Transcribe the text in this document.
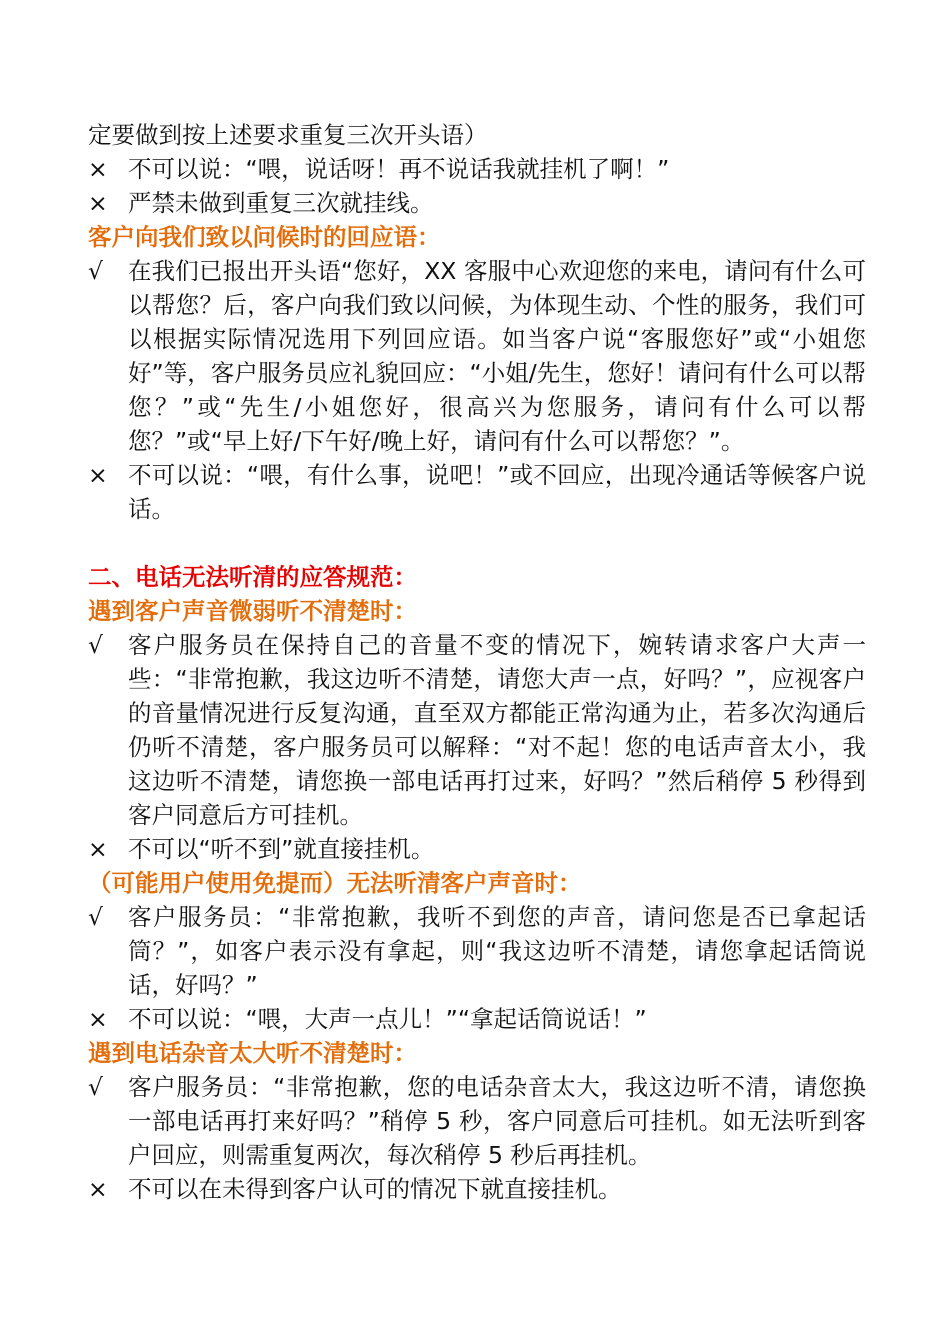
定要做到按上述要求重复三次开头语）

× 不可以说：“喂，说话呀！再不说话我就挂机了啊！”
× 严禁未做到重复三次就挂线。

客户向我们致以问候时的回应语：

√	在我们已报出开头语“您好，XX 客服中心欢迎您的来电，请问有什么可以帮您？后，客户向我们致以问候，为体现生动、个性的服务，我们可以根据实际情况选用下列回应语。如当客户说“客服您好”或“小姐您好”等，客户服务员应礼貌回应：“小姐/先生，您好！请问有什么可以帮您？”或“先生/小姐您好，很高兴为您服务，请问有什么可以帮您？”或“早上好/下午好/晚上好，请问有什么可以帮您？”。
× 不可以说：“喂，有什么事，说吧！”或不回应，出现冷通话等候客户说话。

二、电话无法听清的应答规范：

遇到客户声音微弱听不清楚时：

√	客户服务员在保持自己的音量不变的情况下，婉转请求客户大声一些：“非常抱歉，我这边听不清楚，请您大声一点，好吗？”，应视客户的音量情况进行反复沟通，直至双方都能正常沟通为止，若多次沟通后仍听不清楚，客户服务员可以解释：“对不起！您的电话声音太小，我这边听不清楚，请您换一部电话再打过来，好吗？”然后稍停 5 秒得到客户同意后方可挂机。
× 不可以“听不到”就直接挂机。

（可能用户使用免提而）无法听清客户声音时：

√	客户服务员：“非常抱歉，我听不到您的声音，请问您是否已拿起话筒？”，如客户表示没有拿起，则“我这边听不清楚，请您拿起话筒说话，好吗？”
× 不可以说：“喂，大声一点儿！”“拿起话筒说话！”

遇到电话杂音太大听不清楚时：

√	客户服务员：“非常抱歉，您的电话杂音太大，我这边听不清，请您换一部电话再打来好吗？”稍停 5 秒，客户同意后可挂机。如无法听到客户回应，则需重复两次，每次稍停 5 秒后再挂机。
× 不可以在未得到客户认可的情况下就直接挂机。
